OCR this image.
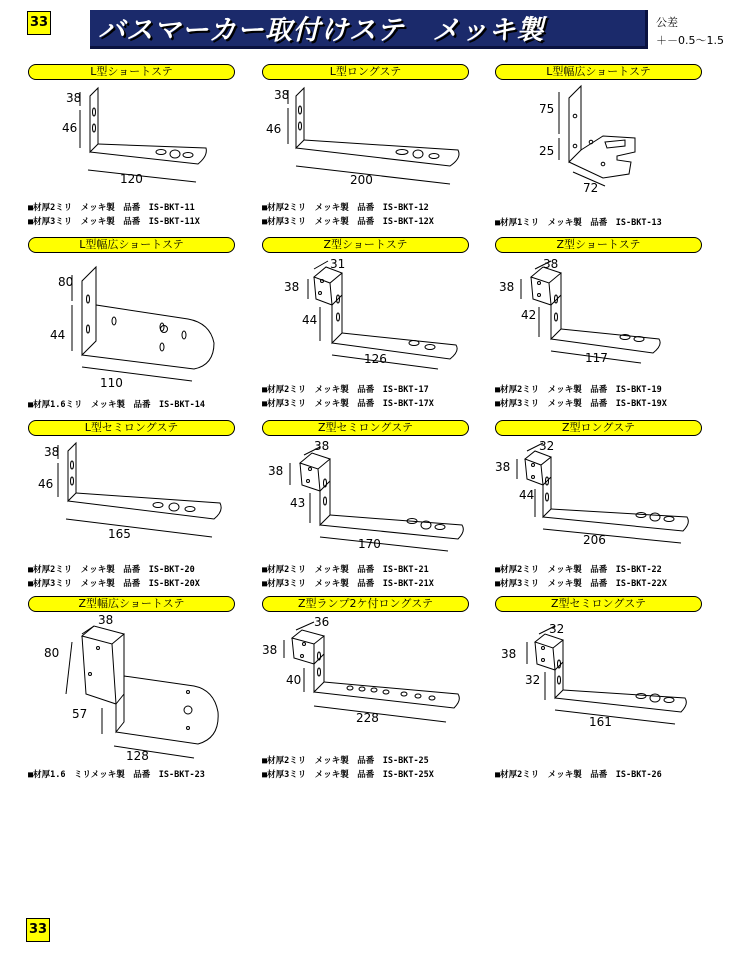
33 バスマーカー取付けステ　メッキ製	公差
＋－0.5～1.5
L型ショートステ
38
46
120
■材厚2ミリ　メッキ製　品番　IS-BKT-11
■材厚3ミリ　メッキ製　品番　IS-BKT-11X
L型ロングステ
38
46
200
■材厚2ミリ　メッキ製　品番　IS-BKT-12
■材厚3ミリ　メッキ製　品番　IS-BKT-12X
L型幅広ショートステ
75
25
72
■材厚1ミリ　メッキ製　品番　IS-BKT-13
L型幅広ショートステ
80
44
110
■材厚1.6ミリ　メッキ製　品番　IS-BKT-14
Z型ショートステ
31
38
44
126
■材厚2ミリ　メッキ製　品番　IS-BKT-17
■材厚3ミリ　メッキ製　品番　IS-BKT-17X
Z型ショートステ
38
38
42
117
■材厚2ミリ　メッキ製　品番　IS-BKT-19
■材厚3ミリ　メッキ製　品番　IS-BKT-19X
L型セミロングステ
38
46
165
■材厚2ミリ　メッキ製　品番　IS-BKT-20
■材厚3ミリ　メッキ製　品番　IS-BKT-20X
Z型セミロングステ
38
38
43
170
■材厚2ミリ　メッキ製　品番　IS-BKT-21
■材厚3ミリ　メッキ製　品番　IS-BKT-21X
Z型ロングステ
32
38
44
206
■材厚2ミリ　メッキ製　品番　IS-BKT-22
■材厚3ミリ　メッキ製　品番　IS-BKT-22X
Z型幅広ショートステ
38
80
57
128
■材厚1.6　ミリメッキ製　品番　IS-BKT-23
Z型ランプ2ケ付ロングステ
36
38
40
228
■材厚2ミリ　メッキ製　品番　IS-BKT-25
■材厚3ミリ　メッキ製　品番　IS-BKT-25X
Z型セミロングステ
32
38
32
161
■材厚2ミリ　メッキ製　品番　IS-BKT-26
33
